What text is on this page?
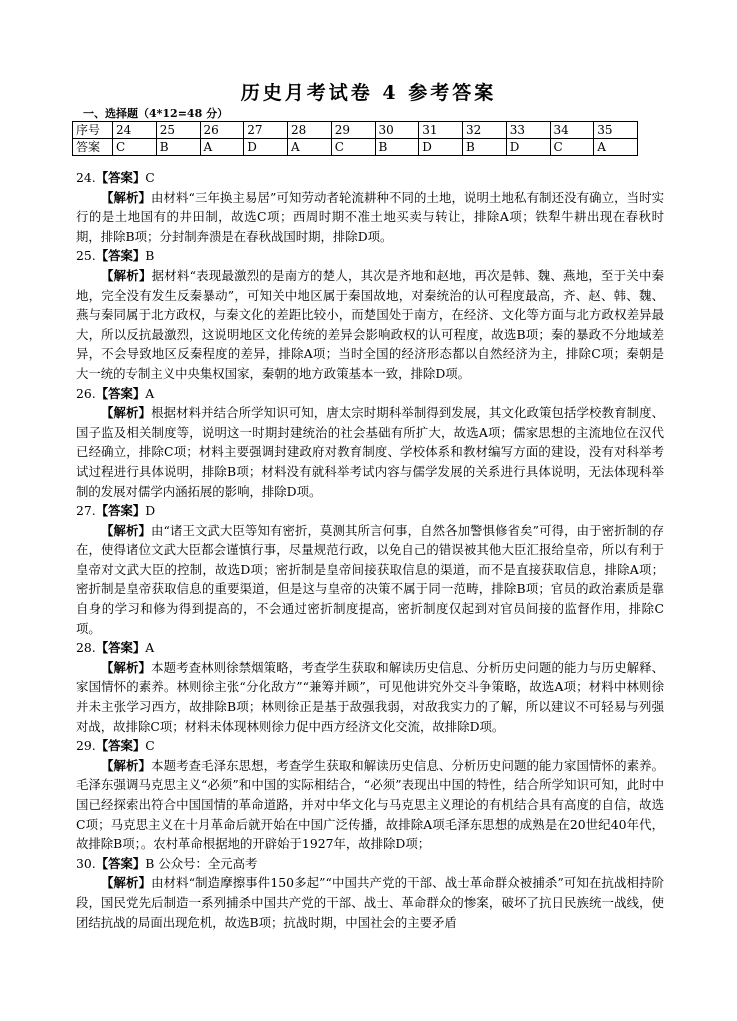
历史月考试卷 4 参考答案
一、选择题（4*12=48 分）
序号	24	25	26	27	28	29	30	31	32	33	34	35
答案	C	B	A	D	A	C	B	D	B	D	C	A

24.【答案】C

【解析】由材料“三年换主易居”可知劳动者轮流耕种不同的土地，说明土地私有制还没有确立，当时实行的是土地国有的井田制，故选C项；西周时期不准土地买卖与转让，排除A项；铁犁牛耕出现在春秋时期，排除B项；分封制奔溃是在春秋战国时期，排除D项。

25.【答案】B

【解析】据材料“表现最激烈的是南方的楚人，其次是齐地和赵地，再次是韩、魏、燕地，至于关中秦地，完全没有发生反秦暴动”，可知关中地区属于秦国故地，对秦统治的认可程度最高，齐、赵、韩、魏、燕与秦同属于北方政权，与秦文化的差距比较小，而楚国处于南方，在经济、文化等方面与北方政权差异最大，所以反抗最激烈，这说明地区文化传统的差异会影响政权的认可程度，故选B项；秦的暴政不分地域差异，不会导致地区反秦程度的差异，排除A项；当时全国的经济形态都以自然经济为主，排除C项；秦朝是大一统的专制主义中央集权国家，秦朝的地方政策基本一致，排除D项。

26.【答案】A

【解析】根据材料并结合所学知识可知，唐太宗时期科举制得到发展，其文化政策包括学校教育制度、国子监及相关制度等，说明这一时期封建统治的社会基础有所扩大，故选A项；儒家思想的主流地位在汉代已经确立，排除C项；材料主要强调封建政府对教育制度、学校体系和教材编写方面的建设，没有对科举考试过程进行具体说明，排除B项；材料没有就科举考试内容与儒学发展的关系进行具体说明，无法体现科举制的发展对儒学内涵拓展的影响，排除D项。

27.【答案】D

【解析】由“诸王文武大臣等知有密折，莫测其所言何事，自然各加警惧修省矣”可得，由于密折制的存在，使得诸位文武大臣都会谨慎行事，尽量规范行政，以免自己的错误被其他大臣汇报给皇帝，所以有利于皇帝对文武大臣的控制，故选D项；密折制是皇帝间接获取信息的渠道，而不是直接获取信息，排除A项；密折制是皇帝获取信息的重要渠道，但是这与皇帝的决策不属于同一范畴，排除B项；官员的政治素质是靠自身的学习和修为得到提高的，不会通过密折制度提高，密折制度仅起到对官员间接的监督作用，排除C项。

28.【答案】A

【解析】本题考查林则徐禁烟策略，考查学生获取和解读历史信息、分析历史问题的能力与历史解释、家国情怀的素养。林则徐主张“分化敌方”“兼筹并顾”，可见他讲究外交斗争策略，故选A项；材料中林则徐并未主张学习西方，故排除B项；林则徐正是基于敌强我弱，对敌我实力的了解，所以建议不可轻易与列强对战，故排除C项；材料未体现林则徐力促中西方经济文化交流，故排除D项。

29.【答案】C

【解析】本题考查毛泽东思想，考查学生获取和解读历史信息、分析历史问题的能力家国情怀的素养。毛泽东强调马克思主义“必须”和中国的实际相结合，“必须”表现出中国的特性，结合所学知识可知，此时中国已经探索出符合中国国情的革命道路，并对中华文化与马克思主义理论的有机结合具有高度的自信，故选C项；马克思主义在十月革命后就开始在中国广泛传播，故排除A项毛泽东思想的成熟是在20世纪40年代，故排除B项；。农村革命根据地的开辟始于1927年，故排除D项；

30.【答案】B 公众号：全元高考

【解析】由材料“制造摩擦事件150多起”“中国共产党的干部、战士革命群众被捕杀”可知在抗战相持阶段，国民党先后制造一系列捕杀中国共产党的干部、战士、革命群众的惨案，破坏了抗日民族统一战线，使团结抗战的局面出现危机，故选B项；抗战时期，中国社会的主要矛盾
